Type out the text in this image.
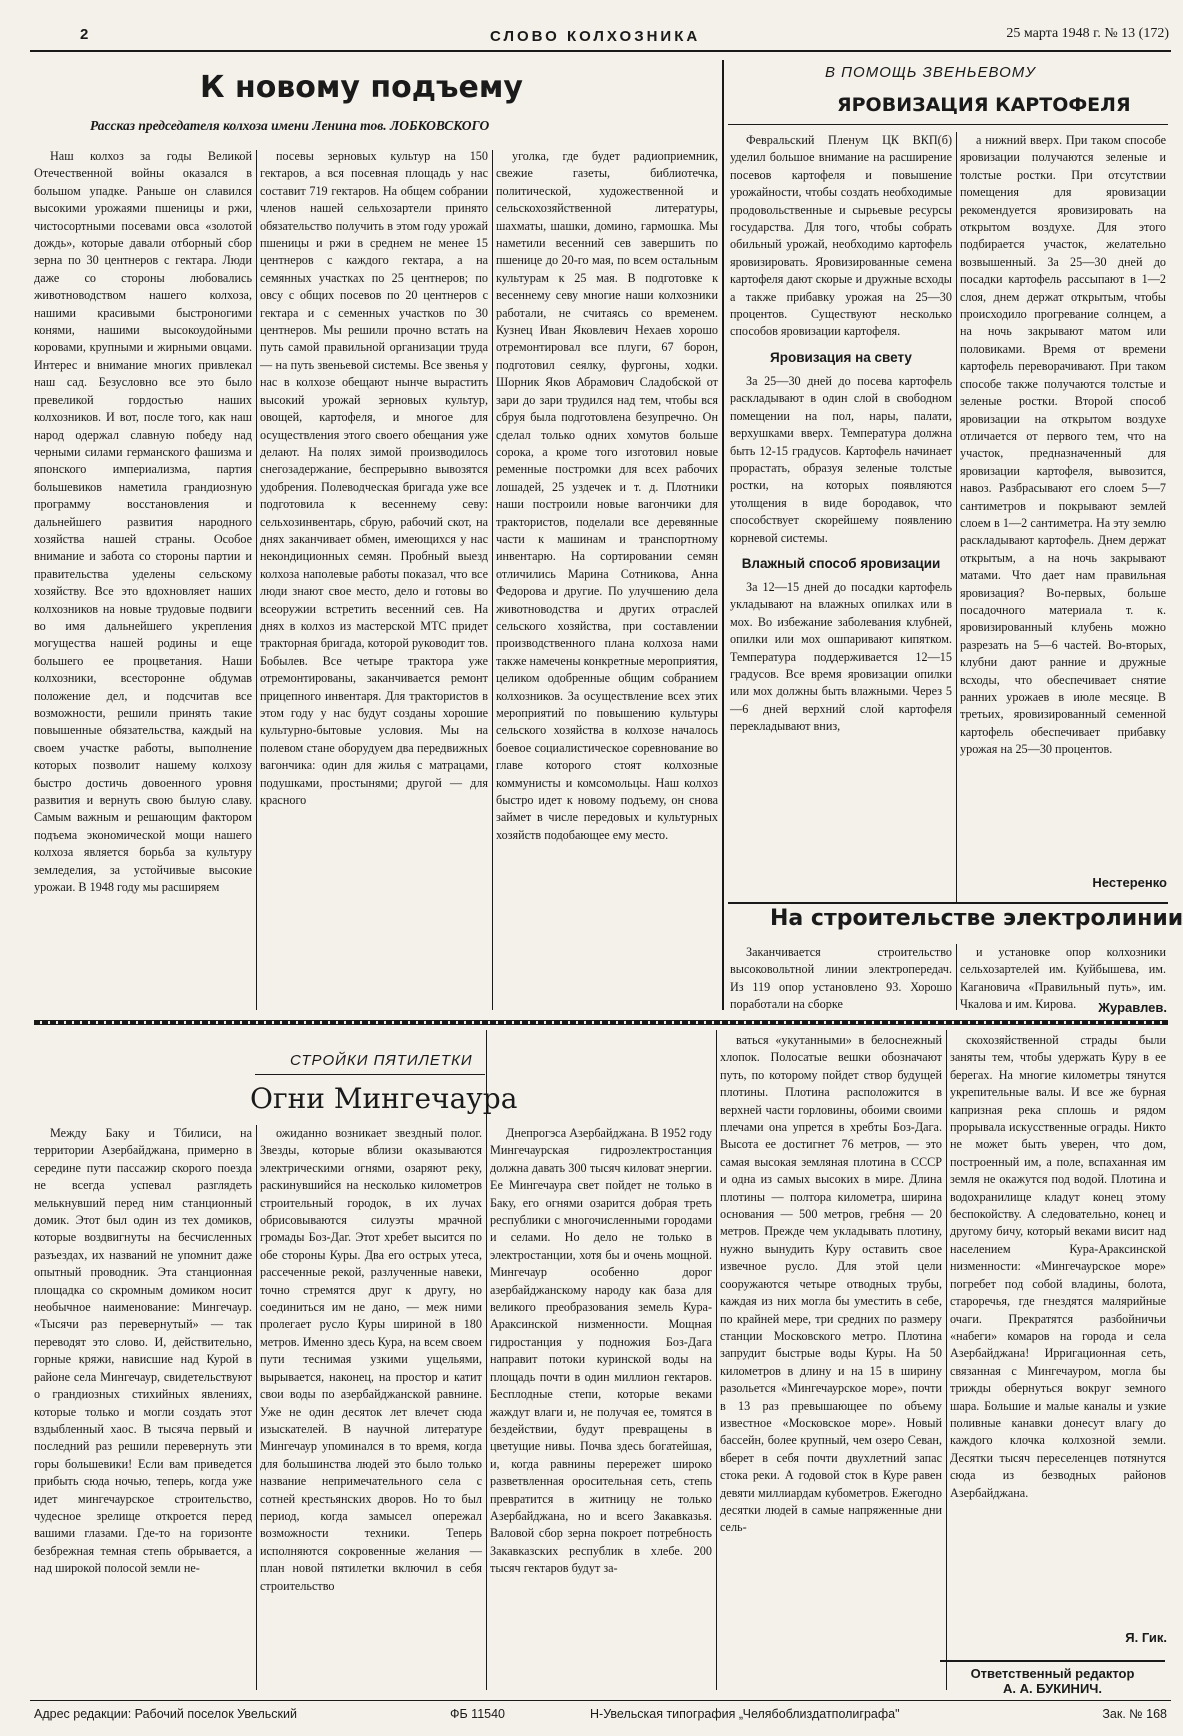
2	СЛОВО КОЛХОЗНИКА	25 марта 1948 г. № 13 (172)
К новому подъему
Рассказ председателя колхоза имени Ленина тов. ЛОБКОВСКОГО

Наш колхоз за годы Великой Отечественной войны оказался в большом упадке. Раньше он славился высокими урожаями пшеницы и ржи, чистосортными посевами овса «золотой дождь», которые давали отборный сбор зерна по 30 центнеров с гектара. Люди даже со стороны любовались животноводством нашего колхоза, нашими красивыми быстроногими конями, нашими высокоудойными коровами, крупными и жирными овцами. Интерес и внимание многих привлекал наш сад. Безусловно все это было превеликой гордостью наших колхозников. И вот, после того, как наш народ одержал славную победу над черными силами германского фашизма и японского империализма, партия большевиков наметила грандиозную программу восстановления и дальнейшего развития народного хозяйства нашей страны. Особое внимание и забота со стороны партии и правительства уделены сельскому хозяйству. Все это вдохновляет наших колхозников на новые трудовые подвиги во имя дальнейшего укрепления могущества нашей родины и еще большего ее процветания. Наши колхозники, всесторонне обдумав положение дел, и подсчитав все возможности, решили принять такие повышенные обязательства, каждый на своем участке работы, выполнение которых позволит нашему колхозу быстро достичь довоенного уровня развития и вернуть свою былую славу. Самым важным и решающим фактором подъема экономической мощи нашего колхоза является борьба за культуру земледелия, за устойчивые высокие урожаи. В 1948 году мы расширяем

посевы зерновых культур на 150 гектаров, а вся посевная площадь у нас составит 719 гектаров. На общем собрании членов нашей сельхозартели принято обязательство получить в этом году урожай пшеницы и ржи в среднем не менее 15 центнеров с каждого гектара, а на семянных участках по 25 центнеров; по овсу с общих посевов по 20 центнеров с гектара и с семенных участков по 30 центнеров. Мы решили прочно встать на путь самой правильной организации труда — на путь звеньевой системы. Все звенья у нас в колхозе обещают нынче вырастить высокий урожай зерновых культур, овощей, картофеля, и многое для осуществления этого своего обещания уже делают. На полях зимой производилось снегозадержание, беспрерывно вывозятся удобрения. Полеводческая бригада уже все подготовила к весеннему севу: сельхозинвентарь, сбрую, рабочий скот, на днях заканчивает обмен, имеющихся у нас некондиционных семян. Пробный выезд колхоза наполевые работы показал, что все люди знают свое место, дело и готовы во всеоружии встретить весенний сев. На днях в колхоз из мастерской МТС придет тракторная бригада, которой руководит тов. Бобылев. Все четыре трактора уже отремонтированы, заканчивается ремонт прицепного инвентаря. Для трактористов в этом году у нас будут созданы хорошие культурно-бытовые условия. Мы на полевом стане оборудуем два передвижных вагончика: один для жилья с матрацами, подушками, простынями; другой — для красного

уголка, где будет радиоприемник, свежие газеты, библиотечка, политической, художественной и сельскохозяйственной литературы, шахматы, шашки, домино, гармошка. Мы наметили весенний сев завершить по пшенице до 20-го мая, по всем остальным культурам к 25 мая. В подготовке к весеннему севу многие наши колхозники работали, не считаясь со временем. Кузнец Иван Яковлевич Нехаев хорошо отремонтировал все плуги, 67 борон, подготовил сеялку, фургоны, ходки. Шорник Яков Абрамович Сладобской от зари до зари трудился над тем, чтобы вся сбруя была подготовлена безупречно. Он сделал только одних хомутов больше сорока, а кроме того изготовил новые ременные постромки для всех рабочих лошадей, 25 уздечек и т. д. Плотники наши построили новые вагончики для трактористов, поделали все деревянные части к машинам и транспортному инвентарю. На сортировании семян отличились Марина Сотникова, Анна Федорова и другие. По улучшению дела животноводства и других отраслей сельского хозяйства, при составлении производственного плана колхоза нами также намечены конкретные мероприятия, целиком одобренные общим собранием колхозников. За осуществление всех этих мероприятий по повышению культуры сельского хозяйства в колхозе началось боевое социалистическое соревнование во главе которого стоят колхозные коммунисты и комсомольцы. Наш колхоз быстро идет к новому подъему, он снова займет в числе передовых и культурных хозяйств подобающее ему место.

В ПОМОЩЬ ЗВЕНЬЕВОМУ
ЯРОВИЗАЦИЯ КАРТОФЕЛЯ

Февральский Пленум ЦК ВКП(б) уделил большое внимание на расширение посевов картофеля и повышение урожайности, чтобы создать необходимые продовольственные и сырьевые ресурсы государства. Для того, чтобы собрать обильный урожай, необходимо картофель яровизировать. Яровизированные семена картофеля дают скорые и дружные всходы а также прибавку урожая на 25—30 процентов. Существуют несколько способов яровизации картофеля.

Яровизация на свету

За 25—30 дней до посева картофель раскладывают в один слой в свободном помещении на пол, нары, палати, верхушками вверх. Температура должна быть 12-15 градусов. Картофель начинает прорастать, образуя зеленые толстые ростки, на которых появляются утолщения в виде бородавок, что способствует скорейшему появлению корневой системы.

Влажный способ яровизации

За 12—15 дней до посадки картофель укладывают на влажных опилках или в мох. Во избежание заболевания клубней, опилки или мох ошпаривают кипятком. Температура поддерживается 12—15 градусов. Все время яровизации опилки или мох должны быть влажными. Через 5—6 дней верхний слой картофеля перекладывают вниз,

а нижний вверх. При таком способе яровизации получаются зеленые и толстые ростки. При отсутствии помещения для яровизации рекомендуется яровизировать на открытом воздухе. Для этого подбирается участок, желательно возвышенный. За 25—30 дней до посадки картофель рассыпают в 1—2 слоя, днем держат открытым, чтобы происходило прогревание солнцем, а на ночь закрывают матом или половиками. Время от времени картофель переворачивают. При таком способе также получаются толстые и зеленые ростки. Второй способ яровизации на открытом воздухе отличается от первого тем, что на участок, предназначенный для яровизации картофеля, вывозится, навоз. Разбрасывают его слоем 5—7 сантиметров и покрывают землей слоем в 1—2 сантиметра. На эту землю раскладывают картофель. Днем держат открытым, а на ночь закрывают матами. Что дает нам правильная яровизация? Во-первых, больше посадочного материала т. к. яровизированный клубень можно разрезать на 5—6 частей. Во-вторых, клубни дают ранние и дружные всходы, что обеспечивает снятие ранних урожаев в июле месяце. В третьих, яровизированный семенной картофель обеспечивает прибавку урожая на 25—30 процентов.

Нестеренко
На строительстве электролинии

Заканчивается строительство высоковольтной линии электропередач. Из 119 опор установлено 93. Хорошо поработали на сборке

и установке опор колхозники сельхозартелей им. Куйбышева, им. Кагановича «Правильный путь», им. Чкалова и им. Кирова.	Журавлев.
СТРОЙКИ ПЯТИЛЕТКИ
Огни Мингечаура

Между Баку и Тбилиси, на территории Азербайджана, примерно в середине пути пассажир скорого поезда не всегда успевал разглядеть мелькнувший перед ним станционный домик. Этот был один из тех домиков, которые воздвигнуты на бесчисленных разъездах, их названий не упомнит даже опытный проводник. Эта станционная площадка со скромным домиком носит необычное наименование: Мингечаур. «Тысячи раз перевернутый» — так переводят это слово. И, действительно, горные кряжи, нависшие над Курой в районе села Мингечаур, свидетельствуют о грандиозных стихийных явлениях, которые только и могли создать этот вздыбленный хаос. В тысяча первый и последний раз решили перевернуть эти горы большевики! Если вам приведется прибыть сюда ночью, теперь, когда уже идет мингечаурское строительство, чудесное зрелище откроется перед вашими глазами. Где-то на горизонте безбрежная темная степь обрывается, а над широкой полосой земли не-

ожиданно возникает звездный полог. Звезды, которые вблизи оказываются электрическими огнями, озаряют реку, раскинувшийся на несколько километров строительный городок, в их лучах обрисовываются силуэты мрачной громады Боз-Даг. Этот хребет высится по обе стороны Куры. Два его острых утеса, рассеченные рекой, разлученные навеки, точно стремятся друг к другу, но соединиться им не дано, — меж ними пролегает русло Куры шириной в 180 метров. Именно здесь Кура, на всем своем пути теснимая узкими ущельями, вырывается, наконец, на простор и катит свои воды по азербайджанской равнине. Уже не один десяток лет влечет сюда изыскателей. В научной литературе Мингечаур упоминался в то время, когда для большинства людей это было только название непримечательного села с сотней крестьянских дворов. Но то был период, когда замысел опережал возможности техники. Теперь исполняются сокровенные желания — план новой пятилетки включил в себя строительство

Днепрогэса Азербайджана. В 1952 году Мингечаурская гидроэлектростанция должна давать 300 тысяч киловат энергии. Ее Мингечаура свет пойдет не только в Баку, его огнями озарится добрая треть республики с многочисленными городами и селами. Но дело не только в электростанции, хотя бы и очень мощной. Мингечаур особенно дорог азербайджанскому народу как база для великого преобразования земель Кура-Араксинской низменности. Мощная гидростанция у подножия Боз-Дага направит потоки куринской воды на площадь почти в один миллион гектаров. Бесплодные степи, которые веками жаждут влаги и, не получая ее, томятся в бездействии, будут превращены в цветущие нивы. Почва здесь богатейшая, и, когда равнины перережет широко разветвленная оросительная сеть, степь превратится в житницу не только Азербайджана, но и всего Закавказья. Валовой сбор зерна покроет потребность Закавказских республик в хлебе. 200 тысяч гектаров будут за-

ваться «укутанными» в белоснежный хлопок. Полосатые вешки обозначают путь, по которому пойдет створ будущей плотины. Плотина расположится в верхней части горловины, обоими своими плечами она упрется в хребты Боз-Дага. Высота ее достигнет 76 метров, — это самая высокая земляная плотина в СССР и одна из самых высоких в мире. Длина плотины — полтора километра, ширина основания — 500 метров, гребня — 20 метров. Прежде чем укладывать плотину, нужно вынудить Куру оставить свое извечное русло. Для этой цели сооружаются четыре отводных трубы, каждая из них могла бы уместить в себе, по крайней мере, три средних по размеру станции Московского метро. Плотина запрудит быстрые воды Куры. На 50 километров в длину и на 15 в ширину разольется «Мингечаурское море», почти в 13 раз превышающее по объему известное «Московское море». Новый бассейн, более крупный, чем озеро Севан, вберет в себя почти двухлетний запас стока реки. А годовой сток в Куре равен девяти миллиардам кубометров. Ежегодно десятки людей в самые напряженные дни сель-

скохозяйственной страды были заняты тем, чтобы удержать Куру в ее берегах. На многие километры тянутся укрепительные валы. И все же бурная капризная река сплошь и рядом прорывала искусственные ограды. Никто не может быть уверен, что дом, построенный им, а поле, вспаханная им земля не окажутся под водой. Плотина и водохранилище кладут конец этому беспокойству. А следовательно, конец и другому бичу, который веками висит над населением Кура-Араксинской низменности: «Мингечаурское море» погребет под собой владины, болота, староречья, где гнездятся малярийные очаги. Прекратятся разбойничьи «набеги» комаров на города и села Азербайджана! Ирригационная сеть, связанная с Мингечауром, могла бы трижды обернуться вокруг земного шара. Большие и малые каналы и узкие поливные канавки донесут влагу до каждого клочка колхозной земли. Десятки тысяч переселенцев потянутся сюда из безводных районов Азербайджана.

Я. Гик.
Ответственный редактор
А. А. БУКИНИЧ.
Адрес редакции: Рабочий поселок Увельский	ФБ 11540	Н-Увельская типография „Челябоблиздатполиграфа"	Зак. № 168
